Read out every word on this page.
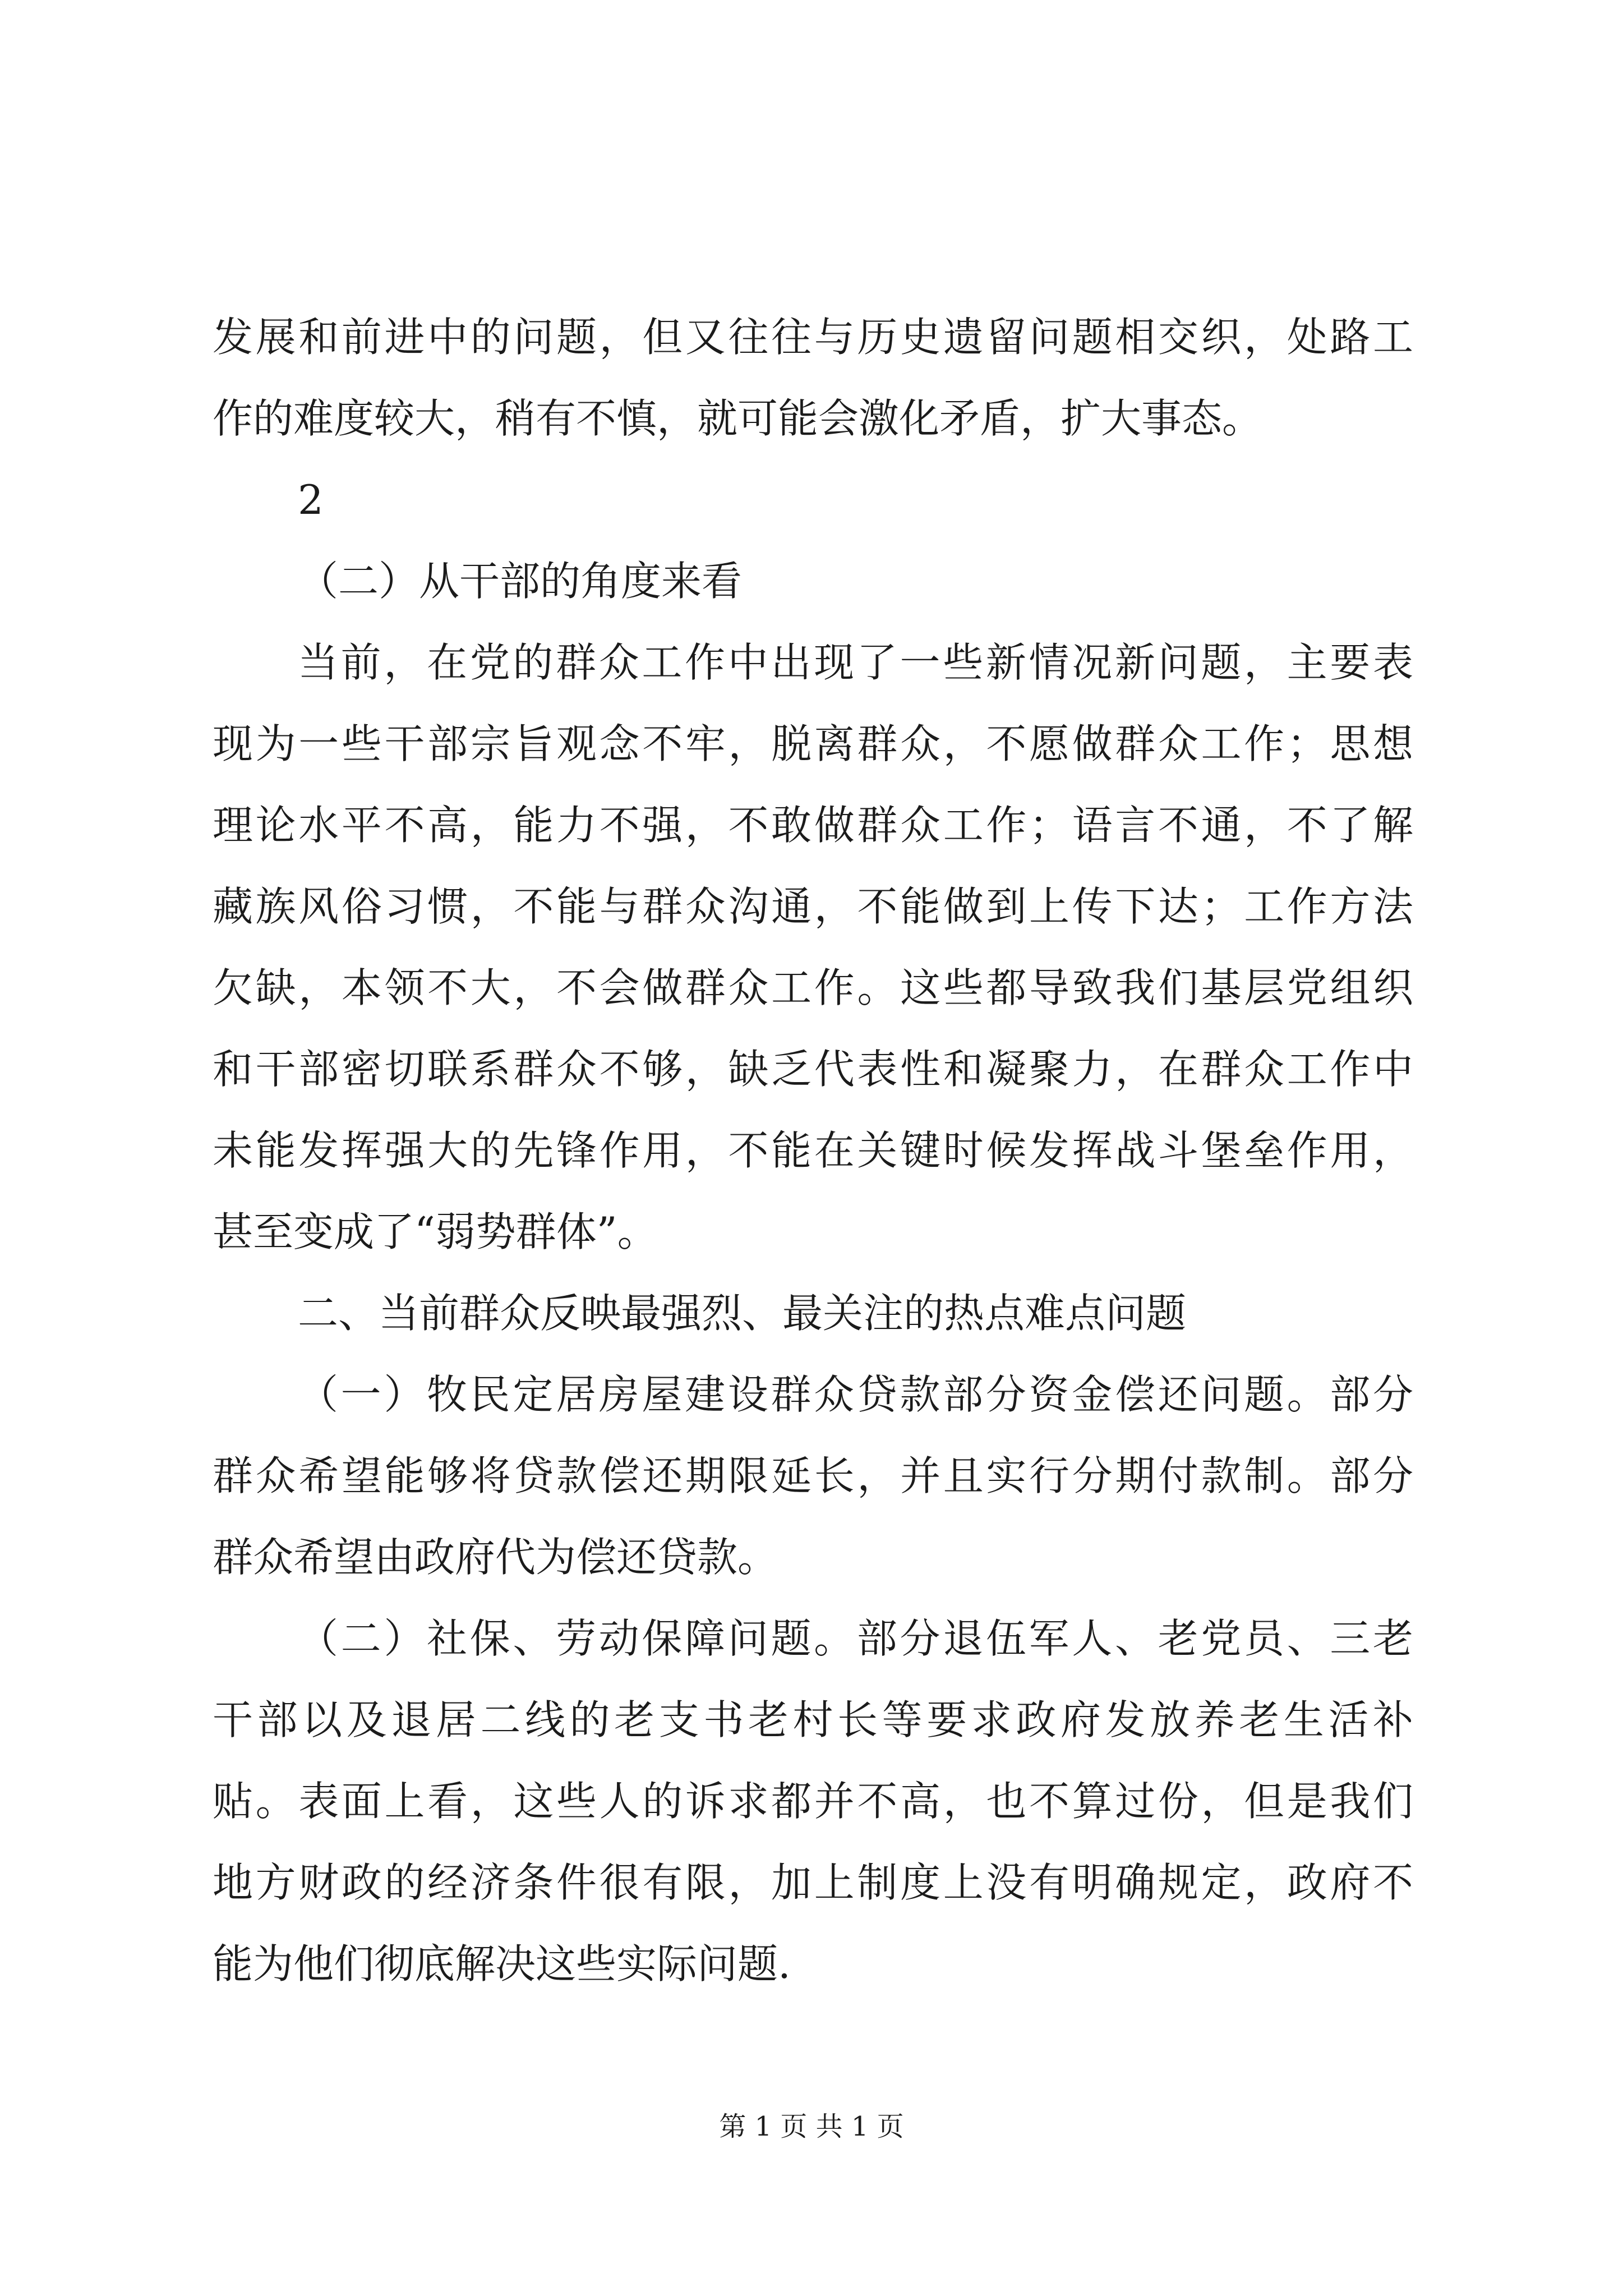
发展和前进中的问题，但又往往与历史遗留问题相交织，处路工
作的难度较大，稍有不慎，就可能会激化矛盾，扩大事态。
2
（二）从干部的角度来看
当前，在党的群众工作中出现了一些新情况新问题，主要表
现为一些干部宗旨观念不牢，脱离群众，不愿做群众工作；思想
理论水平不高，能力不强，不敢做群众工作；语言不通，不了解
藏族风俗习惯，不能与群众沟通，不能做到上传下达；工作方法
欠缺，本领不大，不会做群众工作。这些都导致我们基层党组织
和干部密切联系群众不够，缺乏代表性和凝聚力，在群众工作中
未能发挥强大的先锋作用，不能在关键时候发挥战斗堡垒作用，
甚至变成了“弱势群体”。
二、当前群众反映最强烈、最关注的热点难点问题
（一）牧民定居房屋建设群众贷款部分资金偿还问题。部分
群众希望能够将贷款偿还期限延长，并且实行分期付款制。部分
群众希望由政府代为偿还贷款。
（二）社保、劳动保障问题。部分退伍军人、老党员、三老
干部以及退居二线的老支书老村长等要求政府发放养老生活补
贴。表面上看，这些人的诉求都并不高，也不算过份，但是我们
地方财政的经济条件很有限，加上制度上没有明确规定，政府不
能为他们彻底解决这些实际问题.
第 1 页 共 1 页
